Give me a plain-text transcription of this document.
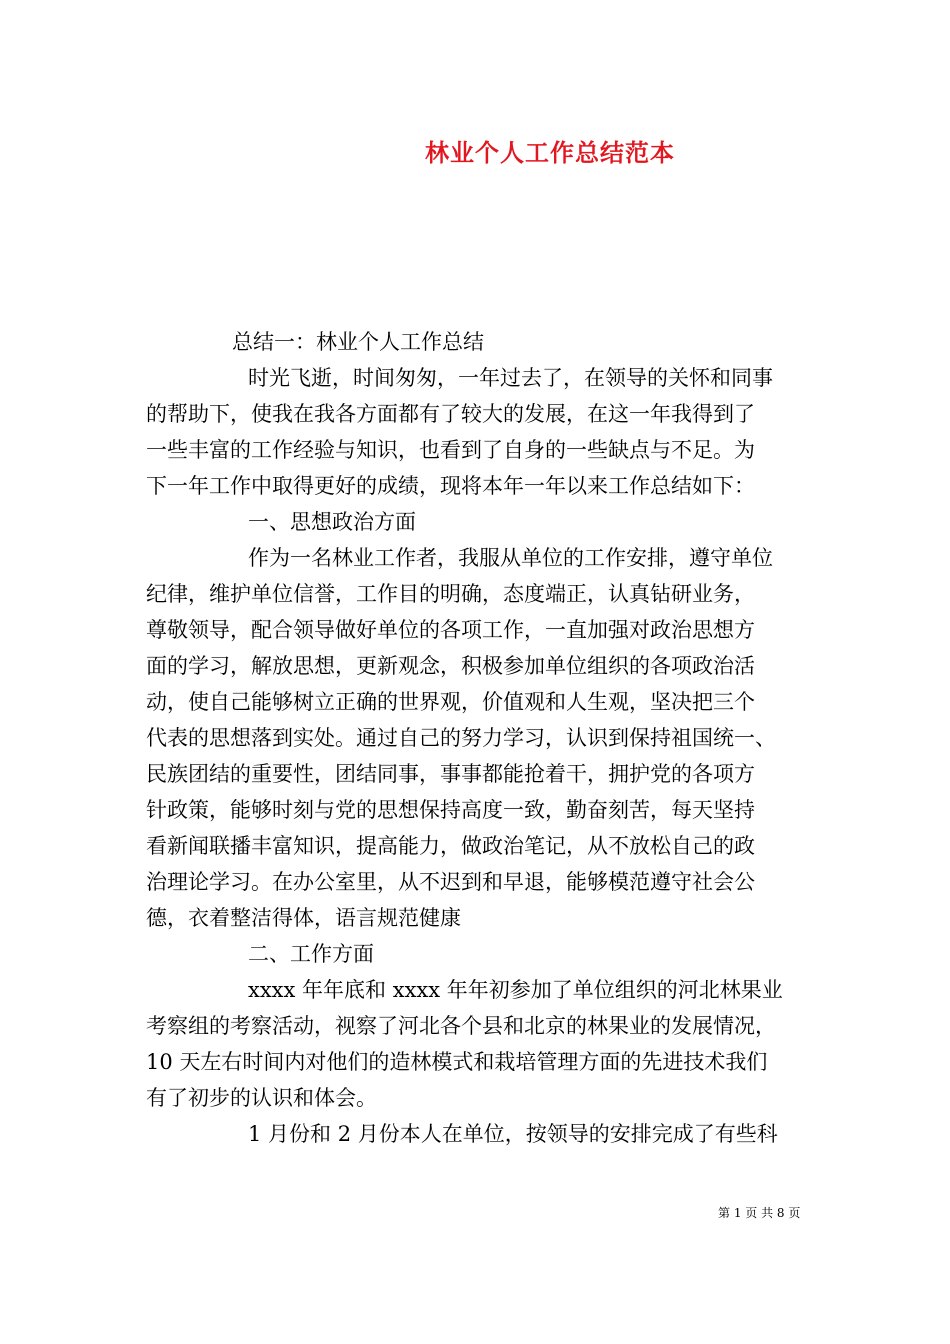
林业个人工作总结范本
总结一：林业个人工作总结
时光飞逝，时间匆匆，一年过去了，在领导的关怀和同事
的帮助下，使我在我各方面都有了较大的发展，在这一年我得到了
一些丰富的工作经验与知识，也看到了自身的一些缺点与不足。为
下一年工作中取得更好的成绩，现将本年一年以来工作总结如下：
一、思想政治方面
作为一名林业工作者，我服从单位的工作安排，遵守单位
纪律，维护单位信誉，工作目的明确，态度端正，认真钻研业务，
尊敬领导，配合领导做好单位的各项工作，一直加强对政治思想方
面的学习，解放思想，更新观念，积极参加单位组织的各项政治活
动，使自己能够树立正确的世界观，价值观和人生观，坚决把三个
代表的思想落到实处。通过自己的努力学习，认识到保持祖国统一、
民族团结的重要性，团结同事，事事都能抢着干，拥护党的各项方
针政策，能够时刻与党的思想保持高度一致，勤奋刻苦，每天坚持
看新闻联播丰富知识，提高能力，做政治笔记，从不放松自己的政
治理论学习。在办公室里，从不迟到和早退，能够模范遵守社会公
德，衣着整洁得体，语言规范健康
二、工作方面
xxxx 年年底和 xxxx 年年初参加了单位组织的河北林果业
考察组的考察活动，视察了河北各个县和北京的林果业的发展情况，
10 天左右时间内对他们的造林模式和栽培管理方面的先进技术我们
有了初步的认识和体会。
1 月份和 2 月份本人在单位，按领导的安排完成了有些科
第 1 页 共 8 页
